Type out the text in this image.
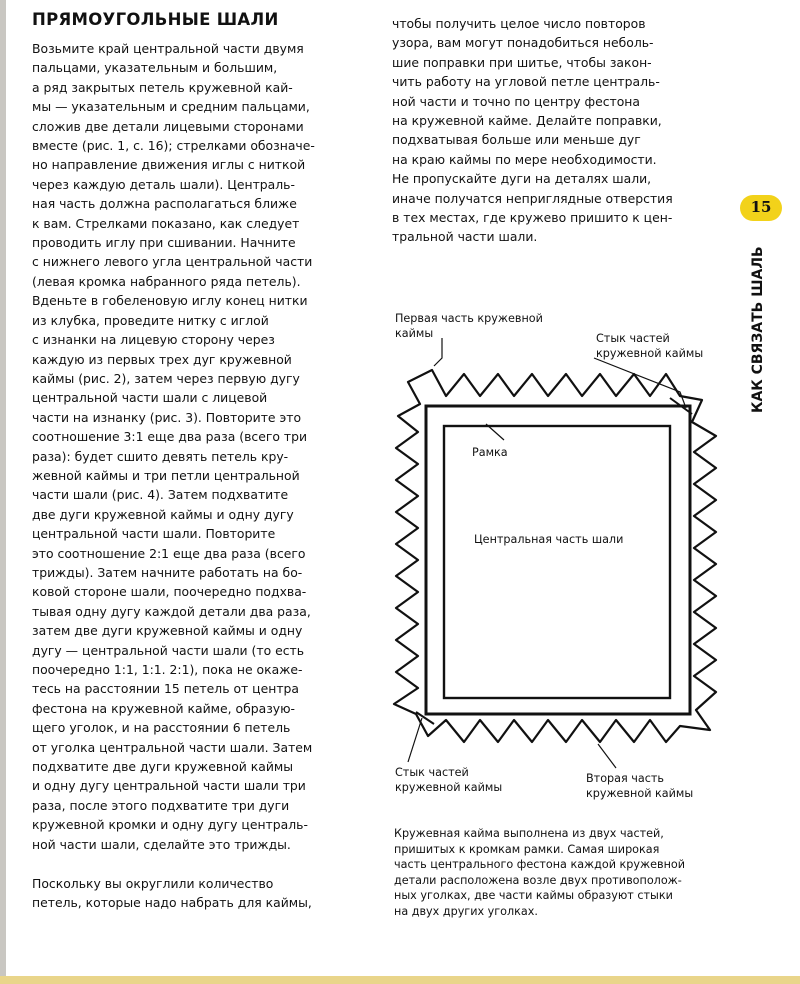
ПРЯМОУГОЛЬНЫЕ ШАЛИ

Возьмите край центральной части двумя
пальцами, указательным и большим,
а ряд закрытых петель кружевной кай-
мы — указательным и средним пальцами,
сложив две детали лицевыми сторонами
вместе (рис. 1, с. 16); стрелками обозначе-
но направление движения иглы с ниткой
через каждую деталь шали). Централь-
ная часть должна располагаться ближе
к вам. Стрелками показано, как следует
проводить иглу при сшивании. Начните
с нижнего левого угла центральной части
(левая кромка набранного ряда петель).
Вденьте в гобеленовую иглу конец нитки
из клубка, проведите нитку с иглой
с изнанки на лицевую сторону через
каждую из первых трех дуг кружевной
каймы (рис. 2), затем через первую дугу
центральной части шали с лицевой
части на изнанку (рис. 3). Повторите это
соотношение 3:1 еще два раза (всего три
раза): будет сшито девять петель кру-
жевной каймы и три петли центральной
части шали (рис. 4). Затем подхватите
две дуги кружевной каймы и одну дугу
центральной части шали. Повторите
это соотношение 2:1 еще два раза (всего
трижды). Затем начните работать на бо-
ковой стороне шали, поочередно подхва-
тывая одну дугу каждой детали два раза,
затем две дуги кружевной каймы и одну
дугу — центральной части шали (то есть
поочередно 1:1, 1:1. 2:1), пока не окаже-
тесь на расстоянии 15 петель от центра
фестона на кружевной кайме, образую-
щего уголок, и на расстоянии 6 петель
от уголка центральной части шали. Затем
подхватите две дуги кружевной каймы
и одну дугу центральной части шали три
раза, после этого подхватите три дуги
кружевной кромки и одну дугу централь-
ной части шали, сделайте это трижды.

Поскольку вы округлили количество
петель, которые надо набрать для каймы,

чтобы получить целое число повторов
узора, вам могут понадобиться неболь-
шие поправки при шитье, чтобы закон-
чить работу на угловой петле централь-
ной части и точно по центру фестона
на кружевной кайме. Делайте поправки,
подхватывая больше или меньше дуг
на краю каймы по мере необходимости.
Не пропускайте дуги на деталях шали,
иначе получатся неприглядные отверстия
в тех местах, где кружево пришито к цен-
тральной части шали.

15
КАК СВЯЗАТЬ ШАЛЬ
Первая часть кружевной
каймы	Стык частей
кружевной каймы
Рамка
Центральная часть шали
Стык частей
кружевной каймы
Вторая часть
кружевной каймы

Кружевная кайма выполнена из двух частей,
пришитых к кромкам рамки. Самая широкая
часть центрального фестона каждой кружевной
детали расположена возле двух противополож-
ных уголках, две части каймы образуют стыки
на двух других уголках.
